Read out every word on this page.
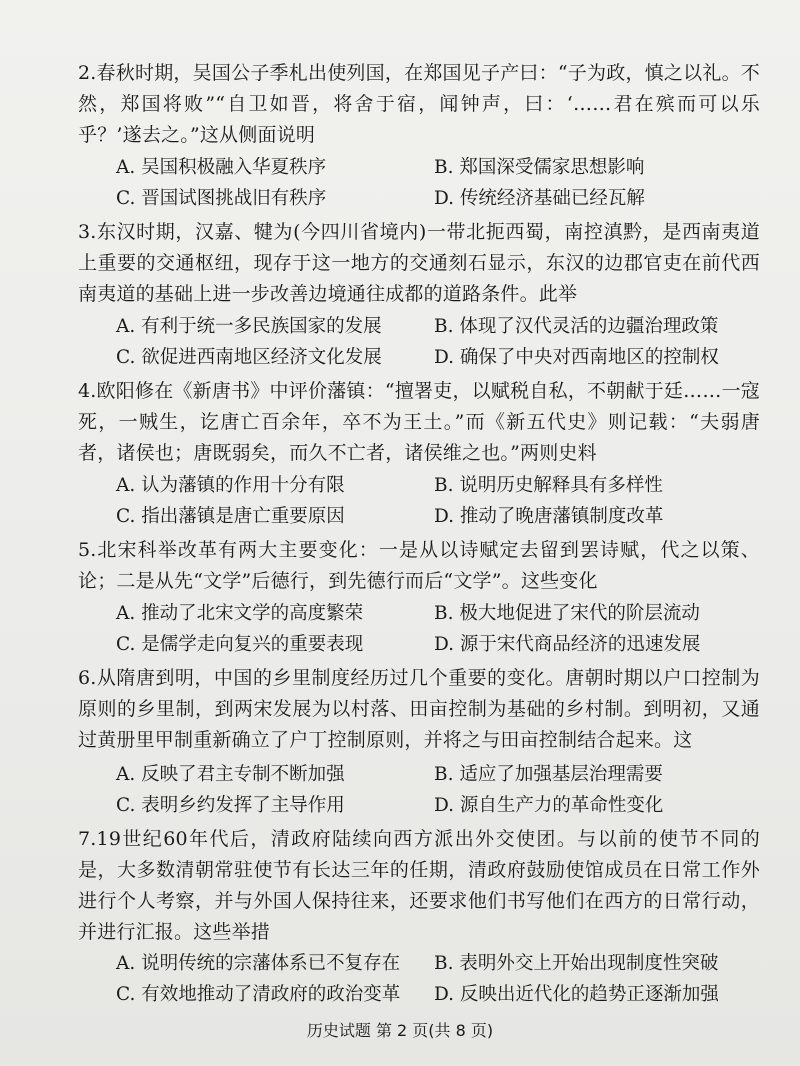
2.春秋时期，吴国公子季札出使列国，在郑国见子产曰：“子为政，慎之以礼。不然，郑国将败”“自卫如晋，将舍于宿，闻钟声，曰：‘……君在殡而可以乐乎？’遂去之。”这从侧面说明

A. 吴国积极融入华夏秩序	B. 郑国深受儒家思想影响
C. 晋国试图挑战旧有秩序	D. 传统经济基础已经瓦解

3.东汉时期，汉嘉、犍为(今四川省境内)一带北扼西蜀，南控滇黔，是西南夷道上重要的交通枢纽，现存于这一地方的交通刻石显示，东汉的边郡官吏在前代西南夷道的基础上进一步改善边境通往成都的道路条件。此举

A. 有利于统一多民族国家的发展	B. 体现了汉代灵活的边疆治理政策
C. 欲促进西南地区经济文化发展	D. 确保了中央对西南地区的控制权

4.欧阳修在《新唐书》中评价藩镇：“擅署吏，以赋税自私，不朝献于廷……一寇死，一贼生，讫唐亡百余年，卒不为王土。”而《新五代史》则记载：“夫弱唐者，诸侯也；唐既弱矣，而久不亡者，诸侯维之也。”两则史料

A. 认为藩镇的作用十分有限	B. 说明历史解释具有多样性
C. 指出藩镇是唐亡重要原因	D. 推动了晚唐藩镇制度改革

5.北宋科举改革有两大主要变化：一是从以诗赋定去留到罢诗赋，代之以策、论；二是从先“文学”后德行，到先德行而后“文学”。这些变化

A. 推动了北宋文学的高度繁荣	B. 极大地促进了宋代的阶层流动
C. 是儒学走向复兴的重要表现	D. 源于宋代商品经济的迅速发展

6.从隋唐到明，中国的乡里制度经历过几个重要的变化。唐朝时期以户口控制为原则的乡里制，到两宋发展为以村落、田亩控制为基础的乡村制。到明初，又通过黄册里甲制重新确立了户丁控制原则，并将之与田亩控制结合起来。这

A. 反映了君主专制不断加强	B. 适应了加强基层治理需要
C. 表明乡约发挥了主导作用	D. 源自生产力的革命性变化

7.19世纪60年代后，清政府陆续向西方派出外交使团。与以前的使节不同的是，大多数清朝常驻使节有长达三年的任期，清政府鼓励使馆成员在日常工作外进行个人考察，并与外国人保持往来，还要求他们书写他们在西方的日常行动，并进行汇报。这些举措

A. 说明传统的宗藩体系已不复存在	B. 表明外交上开始出现制度性突破
C. 有效地推动了清政府的政治变革	D. 反映出近代化的趋势正逐渐加强
历史试题 第 2 页(共 8 页)
